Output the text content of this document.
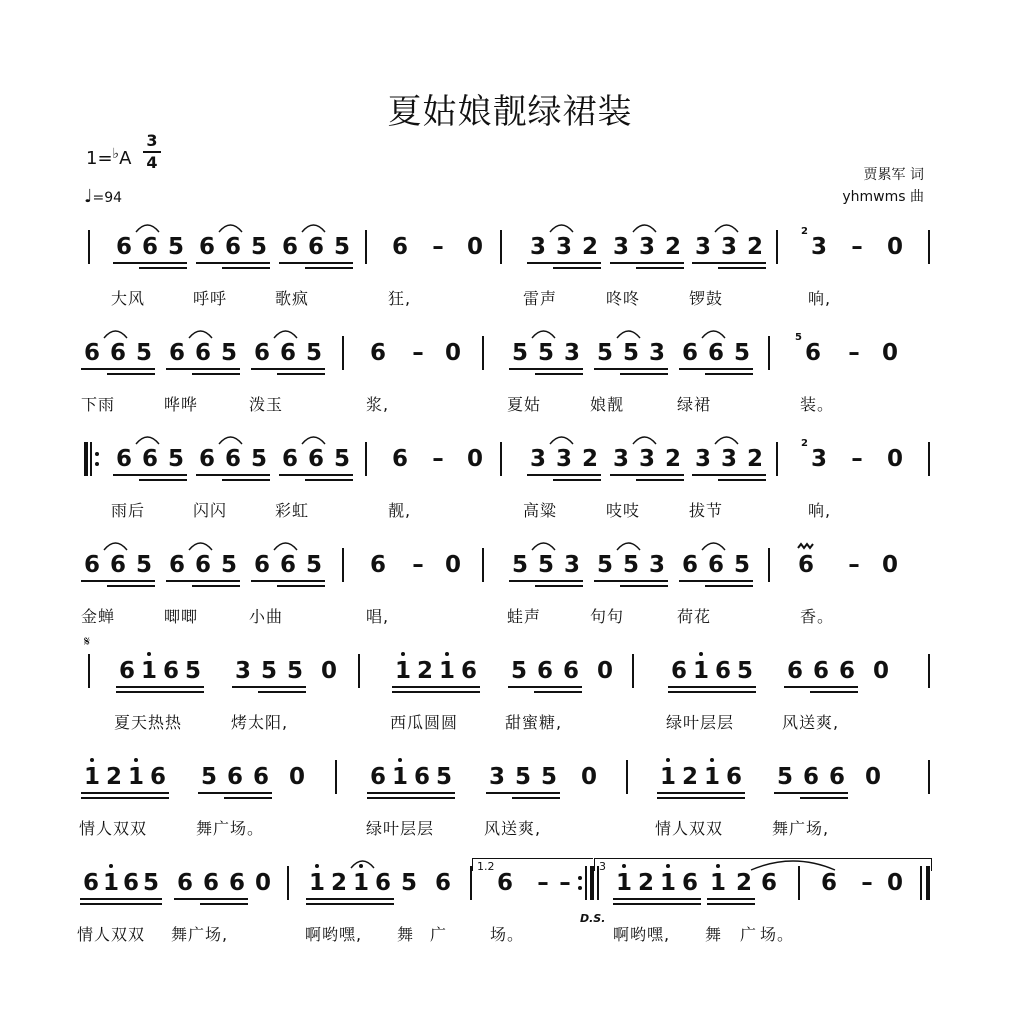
夏姑娘靓绿裙装
1=♭A
3
4
♩=94
贾累军 词
yhmwms 曲
𝄋
6 6 5 6 6 5 6 6 5 6 – 0 3 3 2 3 3 2 3 3 2 3 – 0
2
大风	呼呼	歌疯	狂,	雷声	咚咚	锣鼓	响,
6 6 5 6 6 5 6 6 5 6 – 0 5 5 3 5 5 3 6 6 5 6 – 0
5
下雨	哗哗	泼玉	浆,	夏姑	娘靓	绿裙	装。
6 6 5 6 6 5 6 6 5 6 – 0 3 3 2 3 3 2 3 3 2 3 – 0
2
雨后	闪闪	彩虹	靓,	高粱	吱吱	拔节	响,
6 6 5 6 6 5 6 6 5 6 – 0 5 5 3 5 5 3 6 6 5 6 – 0
金蝉	唧唧	小曲	唱,	蛙声	句句	荷花	香。
6 1 6 5 3 5 5 0	1 2 1 6 5 6 6 0	6 1 6 5 6 6 6 0
夏天热热	烤太阳,	西瓜圆圆	甜蜜糖,	绿叶层层	风送爽,
1 2 1 6 5 6 6 0	6 1 6 5 3 5 5 0	1 2 1 6 5 6 6 0
情人双双	舞广场。	绿叶层层	风送爽,	情人双双	舞广场,
6 1 6 5 6 6 6 0 1 2 1 6 5 6 6 – – 1 2 1 6 1 2 6 6 – 0
情人双双 舞广场,	啊哟嘿, 舞 广	场。	啊哟嘿, 舞 广 场。
1.2	3
D.S.
